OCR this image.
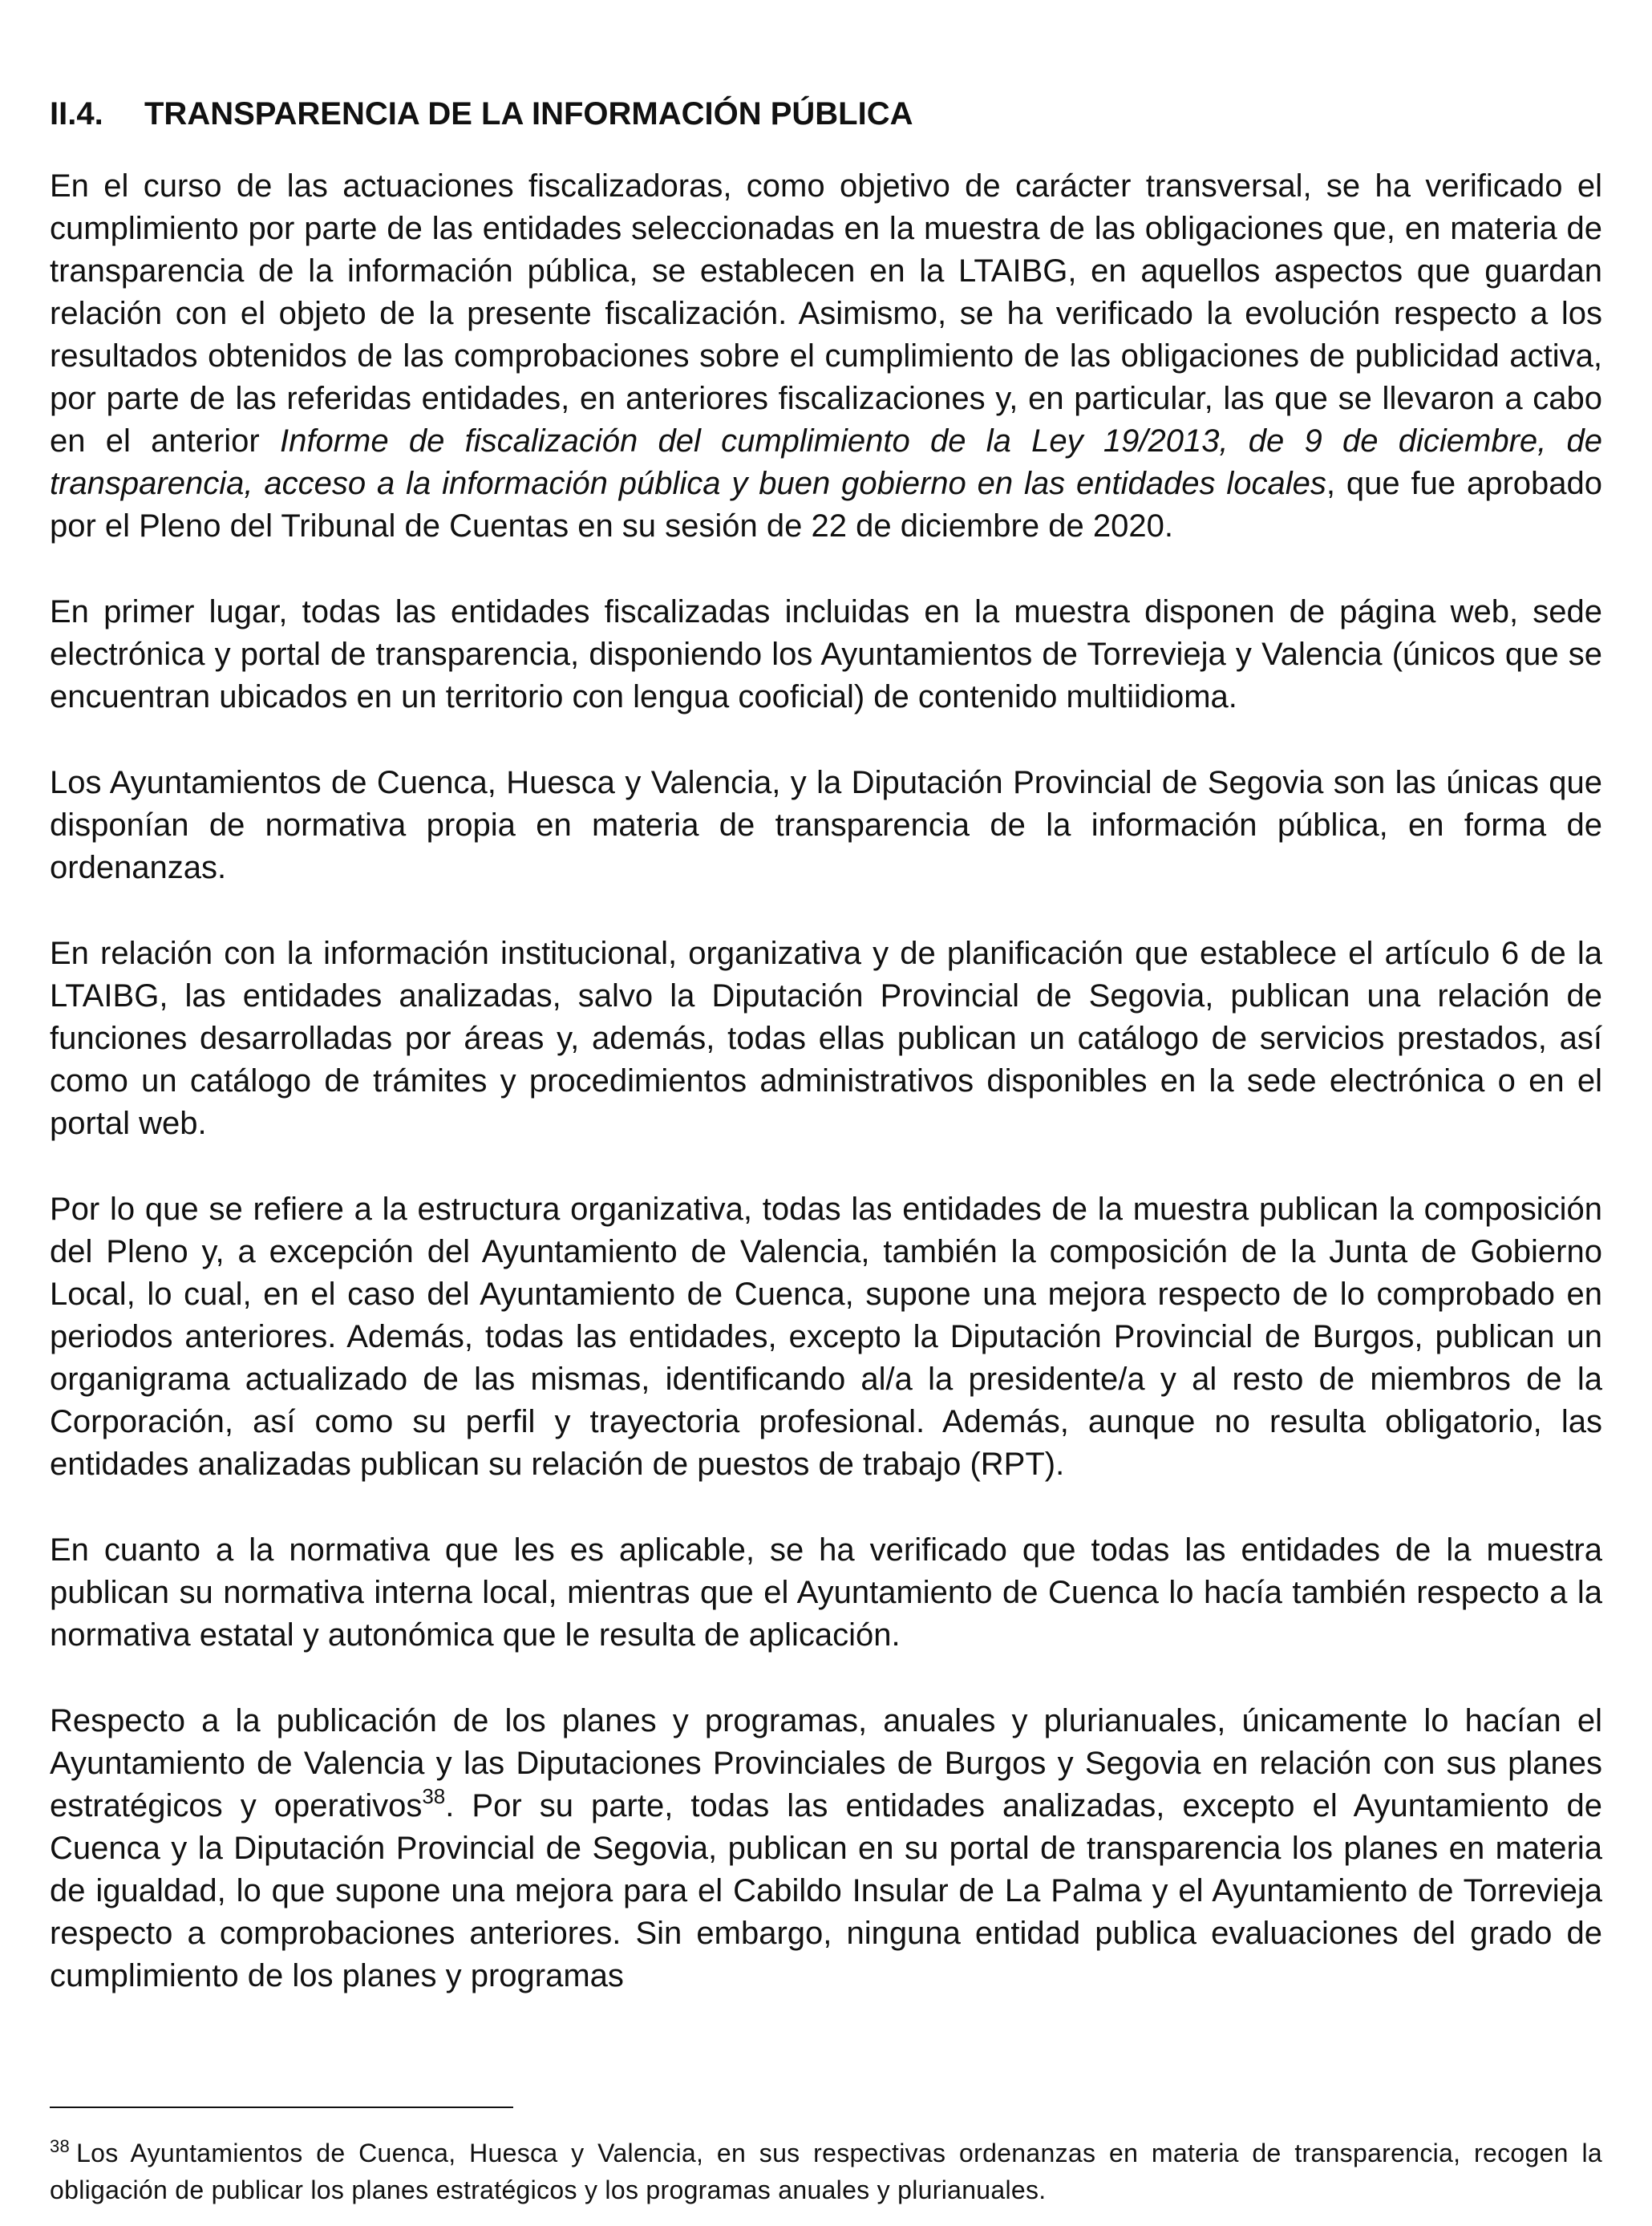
II.4.	TRANSPARENCIA DE LA INFORMACIÓN PÚBLICA

En el curso de las actuaciones fiscalizadoras, como objetivo de carácter transversal, se ha verificado el cumplimiento por parte de las entidades seleccionadas en la muestra de las obligaciones que, en materia de transparencia de la información pública, se establecen en la LTAIBG, en aquellos aspectos que guardan relación con el objeto de la presente fiscalización. Asimismo, se ha verificado la evolución respecto a los resultados obtenidos de las comprobaciones sobre el cumplimiento de las obligaciones de publicidad activa, por parte de las referidas entidades, en anteriores fiscalizaciones y, en particular, las que se llevaron a cabo en el anterior Informe de fiscalización del cumplimiento de la Ley 19/2013, de 9 de diciembre, de transparencia, acceso a la información pública y buen gobierno en las entidades locales, que fue aprobado por el Pleno del Tribunal de Cuentas en su sesión de 22 de diciembre de 2020.

En primer lugar, todas las entidades fiscalizadas incluidas en la muestra disponen de página web, sede electrónica y portal de transparencia, disponiendo los Ayuntamientos de Torrevieja y Valencia (únicos que se encuentran ubicados en un territorio con lengua cooficial) de contenido multiidioma.

Los Ayuntamientos de Cuenca, Huesca y Valencia, y la Diputación Provincial de Segovia son las únicas que disponían de normativa propia en materia de transparencia de la información pública, en forma de ordenanzas.

En relación con la información institucional, organizativa y de planificación que establece el artículo 6 de la LTAIBG, las entidades analizadas, salvo la Diputación Provincial de Segovia, publican una relación de funciones desarrolladas por áreas y, además, todas ellas publican un catálogo de servicios prestados, así como un catálogo de trámites y procedimientos administrativos disponibles en la sede electrónica o en el portal web.

Por lo que se refiere a la estructura organizativa, todas las entidades de la muestra publican la composición del Pleno y, a excepción del Ayuntamiento de Valencia, también la composición de la Junta de Gobierno Local, lo cual, en el caso del Ayuntamiento de Cuenca, supone una mejora respecto de lo comprobado en periodos anteriores. Además, todas las entidades, excepto la Diputación Provincial de Burgos, publican un organigrama actualizado de las mismas, identificando al/a la presidente/a y al resto de miembros de la Corporación, así como su perfil y trayectoria profesional. Además, aunque no resulta obligatorio, las entidades analizadas publican su relación de puestos de trabajo (RPT).

En cuanto a la normativa que les es aplicable, se ha verificado que todas las entidades de la muestra publican su normativa interna local, mientras que el Ayuntamiento de Cuenca lo hacía también respecto a la normativa estatal y autonómica que le resulta de aplicación.

Respecto a la publicación de los planes y programas, anuales y plurianuales, únicamente lo hacían el Ayuntamiento de Valencia y las Diputaciones Provinciales de Burgos y Segovia en relación con sus planes estratégicos y operativos$^{38}$. Por su parte, todas las entidades analizadas, excepto el Ayuntamiento de Cuenca y la Diputación Provincial de Segovia, publican en su portal de transparencia los planes en materia de igualdad, lo que supone una mejora para el Cabildo Insular de La Palma y el Ayuntamiento de Torrevieja respecto a comprobaciones anteriores. Sin embargo, ninguna entidad publica evaluaciones del grado de cumplimiento de los planes y programas

$^{38}$ Los Ayuntamientos de Cuenca, Huesca y Valencia, en sus respectivas ordenanzas en materia de transparencia, recogen la obligación de publicar los planes estratégicos y los programas anuales y plurianuales.
